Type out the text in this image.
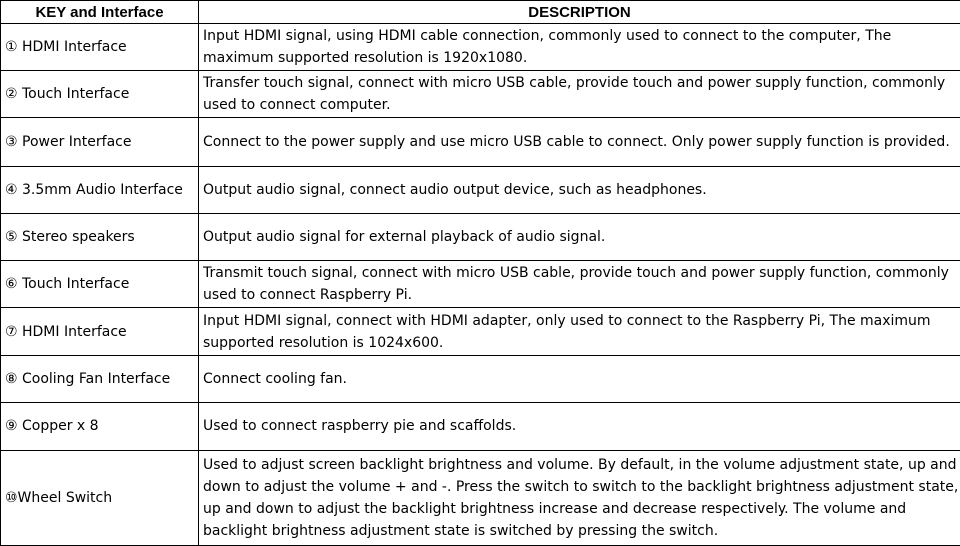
KEY and Interface	DESCRIPTION
① HDMI Interface	Input HDMI signal, using HDMI cable connection, commonly used to connect to the computer, The maximum supported resolution is 1920x1080.
② Touch Interface	Transfer touch signal, connect with micro USB cable, provide touch and power supply function, commonly used to connect computer.
③ Power Interface	Connect to the power supply and use micro USB cable to connect. Only power supply function is provided.
④ 3.5mm Audio Interface	Output audio signal, connect audio output device, such as headphones.
⑤ Stereo speakers	Output audio signal for external playback of audio signal.
⑥ Touch Interface	Transmit touch signal, connect with micro USB cable, provide touch and power supply function, commonly used to connect Raspberry Pi.
⑦ HDMI Interface	Input HDMI signal, connect with HDMI adapter, only used to connect to the Raspberry Pi, The maximum supported resolution is 1024x600.
⑧ Cooling Fan Interface	Connect cooling fan.
⑨ Copper x 8	Used to connect raspberry pie and scaffolds.
⑩Wheel Switch	Used to adjust screen backlight brightness and volume. By default, in the volume adjustment state, up and down to adjust the volume + and -. Press the switch to switch to the backlight brightness adjustment state, up and down to adjust the backlight brightness increase and decrease respectively. The volume and backlight brightness adjustment state is switched by pressing the switch.
